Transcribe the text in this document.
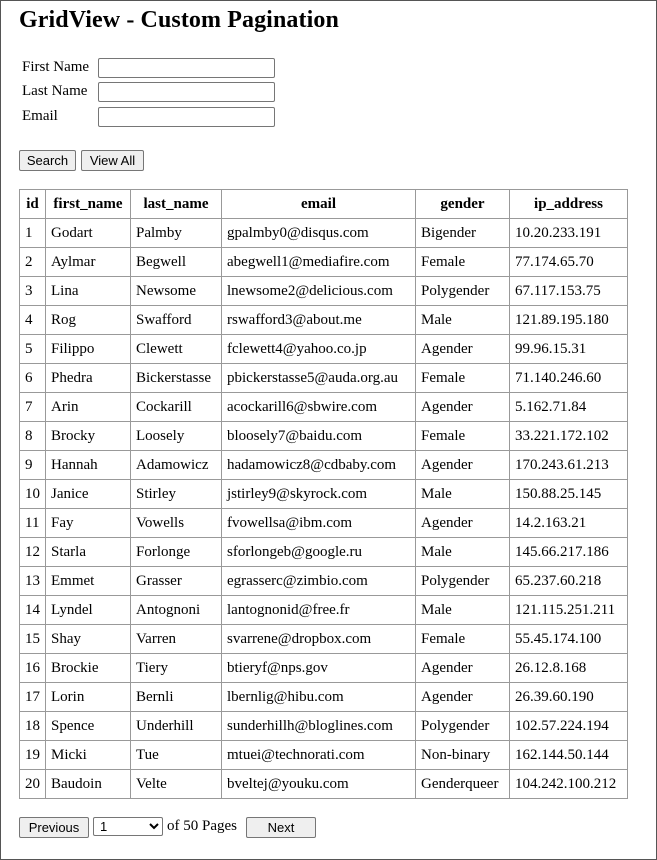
GridView - Custom Pagination
First Name
Last Name
Email
Search	View All
id	first_name	last_name	email	gender	ip_address
1	Godart	Palmby	gpalmby0@disqus.com	Bigender	10.20.233.191
2	Aylmar	Begwell	abegwell1@mediafire.com	Female	77.174.65.70
3	Lina	Newsome	lnewsome2@delicious.com	Polygender	67.117.153.75
4	Rog	Swafford	rswafford3@about.me	Male	121.89.195.180
5	Filippo	Clewett	fclewett4@yahoo.co.jp	Agender	99.96.15.31
6	Phedra	Bickerstasse	pbickerstasse5@auda.org.au	Female	71.140.246.60
7	Arin	Cockarill	acockarill6@sbwire.com	Agender	5.162.71.84
8	Brocky	Loosely	bloosely7@baidu.com	Female	33.221.172.102
9	Hannah	Adamowicz	hadamowicz8@cdbaby.com	Agender	170.243.61.213
10	Janice	Stirley	jstirley9@skyrock.com	Male	150.88.25.145
11	Fay	Vowells	fvowellsa@ibm.com	Agender	14.2.163.21
12	Starla	Forlonge	sforlongeb@google.ru	Male	145.66.217.186
13	Emmet	Grasser	egrasserc@zimbio.com	Polygender	65.237.60.218
14	Lyndel	Antognoni	lantognonid@free.fr	Male	121.115.251.211
15	Shay	Varren	svarrene@dropbox.com	Female	55.45.174.100
16	Brockie	Tiery	btieryf@nps.gov	Agender	26.12.8.168
17	Lorin	Bernli	lbernlig@hibu.com	Agender	26.39.60.190
18	Spence	Underhill	sunderhillh@bloglines.com	Polygender	102.57.224.194
19	Micki	Tue	mtuei@technorati.com	Non-binary	162.144.50.144
20	Baudoin	Velte	bveltej@youku.com	Genderqueer	104.242.100.212
Previous
1	of 50 Pages	Next
